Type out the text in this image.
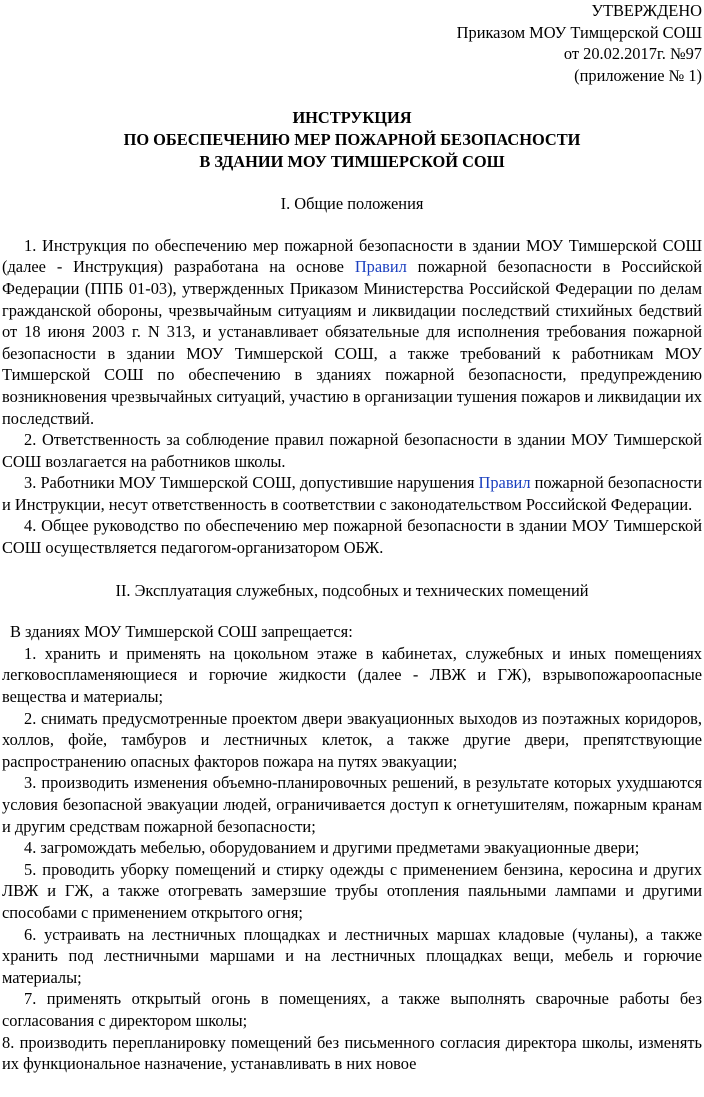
УТВЕРЖДЕНО
Приказом МОУ Тимщерской СОШ
от 20.02.2017г. №97
(приложение № 1)
ИНСТРУКЦИЯ
ПО ОБЕСПЕЧЕНИЮ МЕР ПОЖАРНОЙ БЕЗОПАСНОСТИ
В ЗДАНИИ МОУ ТИМШЕРСКОЙ СОШ
I. Общие положения

1. Инструкция по обеспечению мер пожарной безопасности в здании МОУ Тимшерской СОШ (далее - Инструкция) разработана на основе Правил пожарной безопасности в Российской Федерации (ППБ 01-03), утвержденных Приказом Министерства Российской Федерации по делам гражданской обороны, чрезвычайным ситуациям и ликвидации последствий стихийных бедствий от 18 июня 2003 г. N 313, и устанавливает обязательные для исполнения требования пожарной безопасности в здании МОУ Тимшерской СОШ, а также требований к работникам МОУ Тимшерской СОШ по обеспечению в зданиях пожарной безопасности, предупреждению возникновения чрезвычайных ситуаций, участию в организации тушения пожаров и ликвидации их последствий.

2. Ответственность за соблюдение правил пожарной безопасности в здании МОУ Тимшерской СОШ возлагается на работников школы.

3. Работники МОУ Тимшерской СОШ, допустившие нарушения Правил пожарной безопасности и Инструкции, несут ответственность в соответствии с законодательством Российской Федерации.

4. Общее руководство по обеспечению мер пожарной безопасности в здании МОУ Тимшерской СОШ осуществляется педагогом-организатором ОБЖ.

II. Эксплуатация служебных, подсобных и технических помещений

В зданиях МОУ Тимшерской СОШ запрещается:

1. хранить и применять на цокольном этаже в кабинетах, служебных и иных помещениях легковоспламеняющиеся и горючие жидкости (далее - ЛВЖ и ГЖ), взрывопожароопасные вещества и материалы;

2. снимать предусмотренные проектом двери эвакуационных выходов из поэтажных коридоров, холлов, фойе, тамбуров и лестничных клеток, а также другие двери, препятствующие распространению опасных факторов пожара на путях эвакуации;

3. производить изменения объемно-планировочных решений, в результате которых ухудшаются условия безопасной эвакуации людей, ограничивается доступ к огнетушителям, пожарным кранам и другим средствам пожарной безопасности;

4. загромождать мебелью, оборудованием и другими предметами эвакуационные двери;

5. проводить уборку помещений и стирку одежды с применением бензина, керосина и других ЛВЖ и ГЖ, а также отогревать замерзшие трубы отопления паяльными лампами и другими способами с применением открытого огня;

6. устраивать на лестничных площадках и лестничных маршах кладовые (чуланы), а также хранить под лестничными маршами и на лестничных площадках вещи, мебель и горючие материалы;

7. применять открытый огонь в помещениях, а также выполнять сварочные работы без согласования с директором школы;

8. производить перепланировку помещений без письменного согласия директора школы, изменять их функциональное назначение, устанавливать в них новое
